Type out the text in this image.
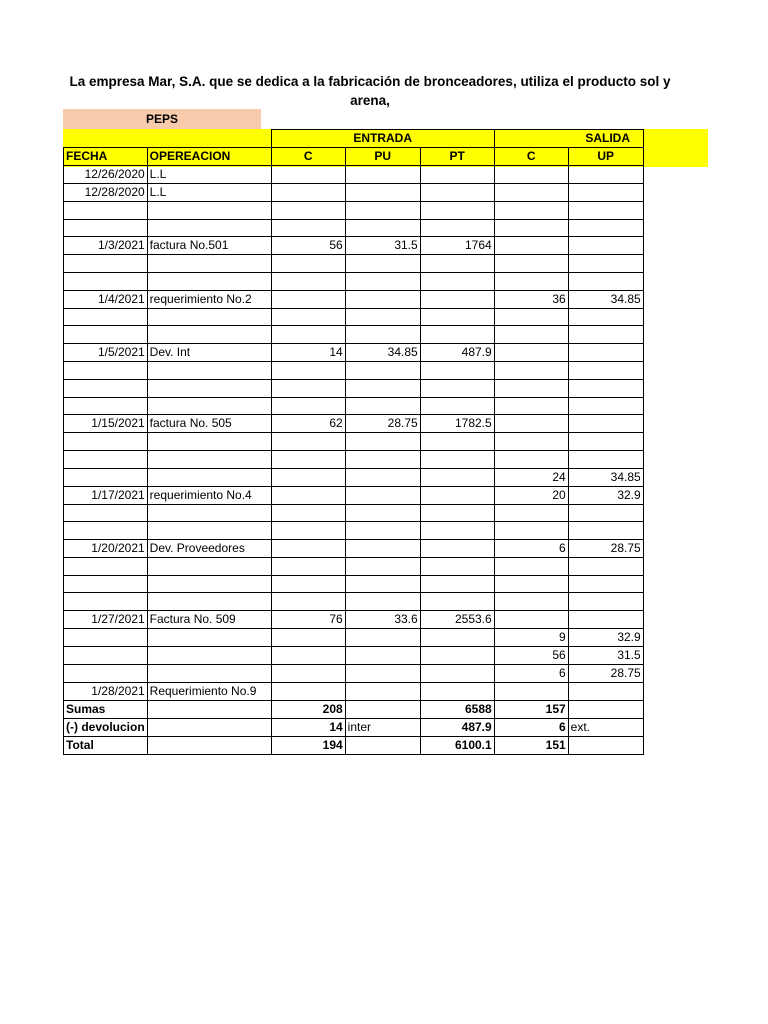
La empresa Mar, S.A. que se dedica a la fabricación de bronceadores, utiliza el producto sol y arena,
PEPS
		ENTRADA			SALIDA	
FECHA	OPEREACION	C	PU	PT	C	UP
12/26/2020	L.L					
12/28/2020	L.L					

1/3/2021	factura No.501	56	31.5	1764		

1/4/2021	requerimiento No.2				36	34.85

1/5/2021	Dev. Int	14	34.85	487.9		

1/15/2021	factura No. 505	62	28.75	1782.5		

					24	34.85
1/17/2021	requerimiento No.4				20	32.9

1/20/2021	Dev. Proveedores				6	28.75

1/27/2021	Factura No. 509	76	33.6	2553.6		
					9	32.9
					56	31.5
					6	28.75
1/28/2021	Requerimiento No.9					
Sumas		208		6588	157	
(-) devolucion		14	inter	487.9	6	ext.
Total		194		6100.1	151	
